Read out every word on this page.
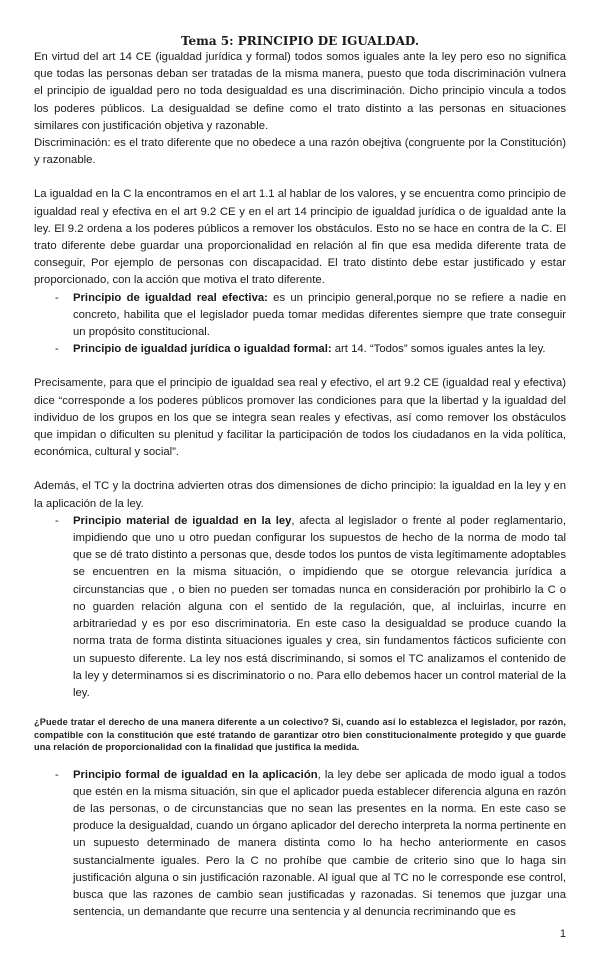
Tema 5: PRINCIPIO DE IGUALDAD.

En virtud del art 14 CE (igualdad jurídica y formal) todos somos iguales ante la ley pero eso no significa que todas las personas deban ser tratadas de la misma manera, puesto que toda discriminación vulnera el principio de igualdad pero no toda desigualdad es una discriminación. Dicho principio vincula a todos los poderes públicos. La desigualdad se define como el trato distinto a las personas en situaciones similares con justificación objetiva y razonable.

Discriminación: es el trato diferente que no obedece a una razón obejtiva (congruente por la Constitución) y razonable.

La igualdad en la C la encontramos en el art 1.1 al hablar de los valores, y se encuentra como principio de igualdad real y efectiva en el art 9.2 CE y en el art 14 principio de igualdad jurídica o de igualdad ante la ley. El 9.2 ordena a los poderes públicos a remover los obstáculos. Esto no se hace en contra de la C. El trato diferente debe guardar una proporcionalidad en relación al fin que esa medida diferente trata de conseguir, Por ejemplo de personas con discapacidad. El trato distinto debe estar justificado y estar proporcionado, con la acción que motiva el trato diferente.

- Principio de igualdad real efectiva: es un principio general,porque no se refiere a nadie en concreto, habilita que el legislador pueda tomar medidas diferentes siempre que trate conseguir un propósito constitucional.
- Principio de igualdad jurídica o igualdad formal: art 14. “Todos” somos iguales antes la ley.

Precisamente, para que el principio de igualdad sea real y efectivo, el art 9.2 CE (igualdad real y efectiva) dice “corresponde a los poderes públicos promover las condiciones para que la libertad y la igualdad del individuo de los grupos en los que se integra sean reales y efectivas, así como remover los obstáculos que impidan o dificulten su plenitud y facilitar la participación de todos los ciudadanos en la vida política, económica, cultural y social”.

Además, el TC y la doctrina advierten otras dos dimensiones de dicho principio: la igualdad en la ley y en la aplicación de la ley.

- Principio material de igualdad en la ley, afecta al legislador o frente al poder reglamentario, impidiendo que uno u otro puedan configurar los supuestos de hecho de la norma de modo tal que se dé trato distinto a personas que, desde todos los puntos de vista legítimamente adoptables se encuentren en la misma situación, o impidiendo que se otorgue relevancia jurídica a circunstancias que , o bien no pueden ser tomadas nunca en consideración por prohibirlo la C o no guarden relación alguna con el sentido de la regulación, que, al incluirlas, incurre en arbitrariedad y es por eso discriminatoria. En este caso la desigualdad se produce cuando la norma trata de forma distinta situaciones iguales y crea, sin fundamentos fácticos suficiente con un supuesto diferente. La ley nos está discriminando, si somos el TC analizamos el contenido de la ley y determinamos si es discriminatorio o no. Para ello debemos hacer un control material de la ley.

¿Puede tratar el derecho de una manera diferente a un colectivo? Si, cuando así lo establezca el legislador, por razón, compatible con la constitución que esté tratando de garantizar otro bien constitucionalmente protegido y que guarde una relación de proporcionalidad con la finalidad que justifica la medida.

- Principio formal de igualdad en la aplicación, la ley debe ser aplicada de modo igual a todos que estén en la misma situación, sin que el aplicador pueda establecer diferencia alguna en razón de las personas, o de circunstancias que no sean las presentes en la norma. En este caso se produce la desigualdad, cuando un órgano aplicador del derecho interpreta la norma pertinente en un supuesto determinado de manera distinta como lo ha hecho anteriormente en casos sustancialmente iguales. Pero la C no prohíbe que cambie de criterio sino que lo haga sin justificación alguna o sin justificación razonable. Al igual que al TC no le corresponde ese control, busca que las razones de cambio sean justificadas y razonadas. Si tenemos que juzgar una sentencia, un demandante que recurre una sentencia y al denuncia recriminando que es
1
